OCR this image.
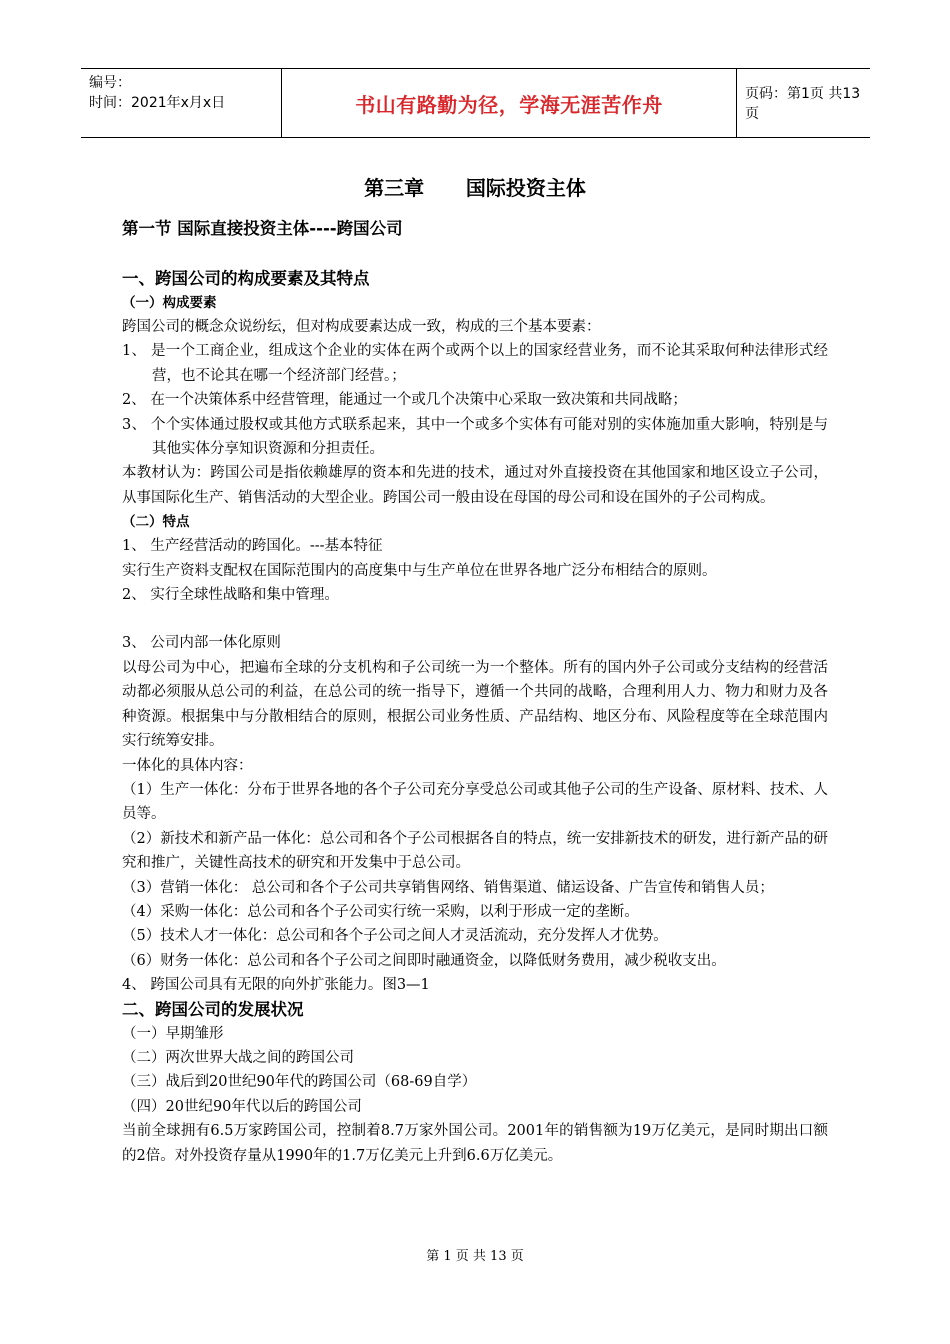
编号：
时间：2021年x月x日	书山有路勤为径，学海无涯苦作舟	页码：第1页 共13页
第三章      国际投资主体
第一节 国际直接投资主体----跨国公司
一、跨国公司的构成要素及其特点
（一）构成要素
跨国公司的概念众说纷纭，但对构成要素达成一致，构成的三个基本要素：
1、 是一个工商企业，组成这个企业的实体在两个或两个以上的国家经营业务，而不论其采取何种法律形式经营，也不论其在哪一个经济部门经营。；
2、 在一个决策体系中经营管理，能通过一个或几个决策中心采取一致决策和共同战略；
3、 个个实体通过股权或其他方式联系起来，其中一个或多个实体有可能对别的实体施加重大影响，特别是与其他实体分享知识资源和分担责任。
本教材认为：跨国公司是指依赖雄厚的资本和先进的技术，通过对外直接投资在其他国家和地区设立子公司，从事国际化生产、销售活动的大型企业。跨国公司一般由设在母国的母公司和设在国外的子公司构成。
（二）特点
1、 生产经营活动的跨国化。---基本特征
实行生产资料支配权在国际范围内的高度集中与生产单位在世界各地广泛分布相结合的原则。
2、 实行全球性战略和集中管理。
3、 公司内部一体化原则
以母公司为中心，把遍布全球的分支机构和子公司统一为一个整体。所有的国内外子公司或分支结构的经营活动都必须服从总公司的利益，在总公司的统一指导下，遵循一个共同的战略，合理利用人力、物力和财力及各种资源。根据集中与分散相结合的原则，根据公司业务性质、产品结构、地区分布、风险程度等在全球范围内实行统筹安排。
一体化的具体内容：
（1）生产一体化：分布于世界各地的各个子公司充分享受总公司或其他子公司的生产设备、原材料、技术、人员等。
（2）新技术和新产品一体化：总公司和各个子公司根据各自的特点，统一安排新技术的研发，进行新产品的研究和推广，关键性高技术的研究和开发集中于总公司。
（3）营销一体化： 总公司和各个子公司共享销售网络、销售渠道、储运设备、广告宣传和销售人员；
（4）采购一体化：总公司和各个子公司实行统一采购，以利于形成一定的垄断。
（5）技术人才一体化：总公司和各个子公司之间人才灵活流动，充分发挥人才优势。
（6）财务一体化：总公司和各个子公司之间即时融通资金，以降低财务费用，减少税收支出。
4、 跨国公司具有无限的向外扩张能力。图3—1
二、跨国公司的发展状况
（一）早期雏形
（二）两次世界大战之间的跨国公司
（三）战后到20世纪90年代的跨国公司（68-69自学）
（四）20世纪90年代以后的跨国公司
当前全球拥有6.5万家跨国公司，控制着8.7万家外国公司。2001年的销售额为19万亿美元，是同时期出口额的2倍。对外投资存量从1990年的1.7万亿美元上升到6.6万亿美元。
第 1 页 共 13 页
